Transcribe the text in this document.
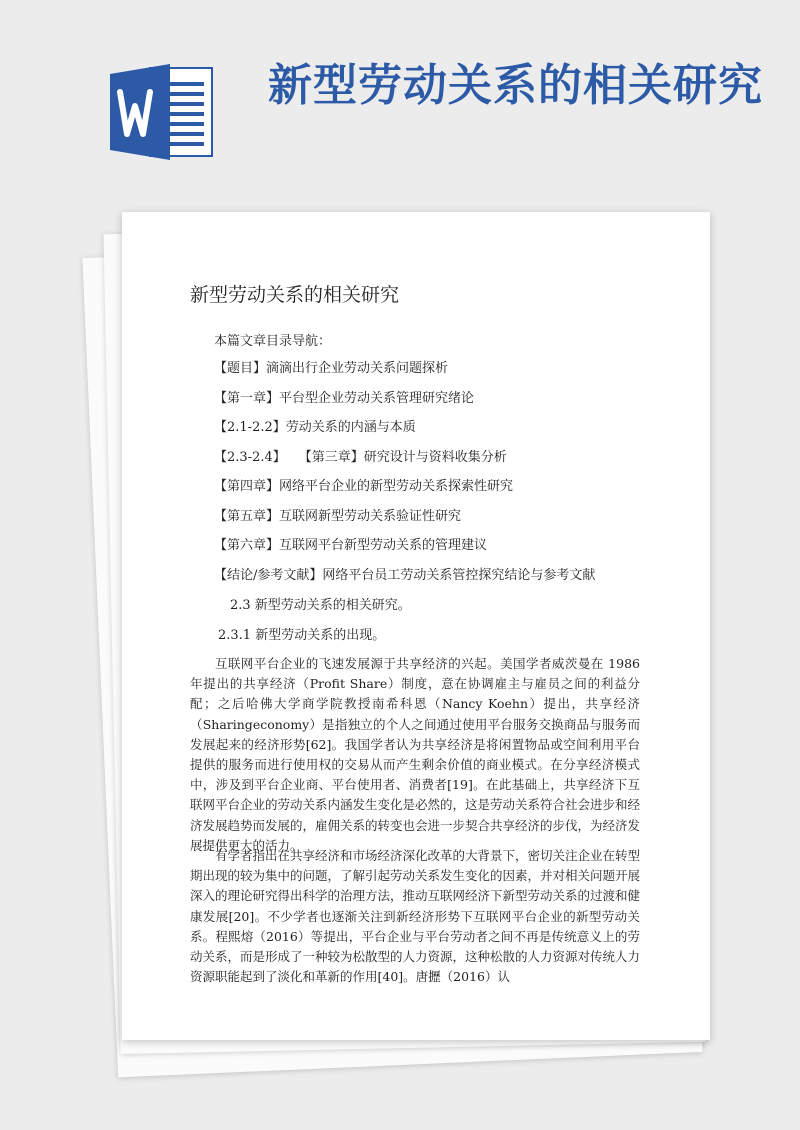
新型劳动关系的相关研究
新型劳动关系的相关研究
本篇文章目录导航：
【题目】滴滴出行企业劳动关系问题探析
【第一章】平台型企业劳动关系管理研究绪论
【2.1-2.2】劳动关系的内涵与本质
【2.3-2.4】　　【第三章】研究设计与资料收集分析
【第四章】网络平台企业的新型劳动关系探索性研究
【第五章】互联网新型劳动关系验证性研究
【第六章】互联网平台新型劳动关系的管理建议
【结论/参考文献】网络平台员工劳动关系管控探究结论与参考文献
2.3 新型劳动关系的相关研究。
2.3.1 新型劳动关系的出现。

互联网平台企业的飞速发展源于共享经济的兴起。美国学者威茨曼在 1986 年提出的共享经济（Profit Share）制度，意在协调雇主与雇员之间的利益分配；之后哈佛大学商学院教授南希科恩（Nancy Koehn）提出，共享经济（Sharingeconomy）是指独立的个人之间通过使用平台服务交换商品与服务而发展起来的经济形势[62]。我国学者认为共享经济是将闲置物品或空间利用平台提供的服务而进行使用权的交易从而产生剩余价值的商业模式。在分享经济模式中，涉及到平台企业商、平台使用者、消费者[19]。在此基础上，共享经济下互联网平台企业的劳动关系内涵发生变化是必然的，这是劳动关系符合社会进步和经济发展趋势而发展的，雇佣关系的转变也会进一步契合共享经济的步伐，为经济发展提供更大的活力。

有学者指出在共享经济和市场经济深化改革的大背景下，密切关注企业在转型期出现的较为集中的问题，了解引起劳动关系发生变化的因素，并对相关问题开展深入的理论研究得出科学的治理方法，推动互联网经济下新型劳动关系的过渡和健康发展[20]。不少学者也逐渐关注到新经济形势下互联网平台企业的新型劳动关系。程熙熔（2016）等提出，平台企业与平台劳动者之间不再是传统意义上的劳动关系，而是形成了一种较为松散型的人力资源，这种松散的人力资源对传统人力资源职能起到了淡化和革新的作用[40]。唐攊（2016）认
